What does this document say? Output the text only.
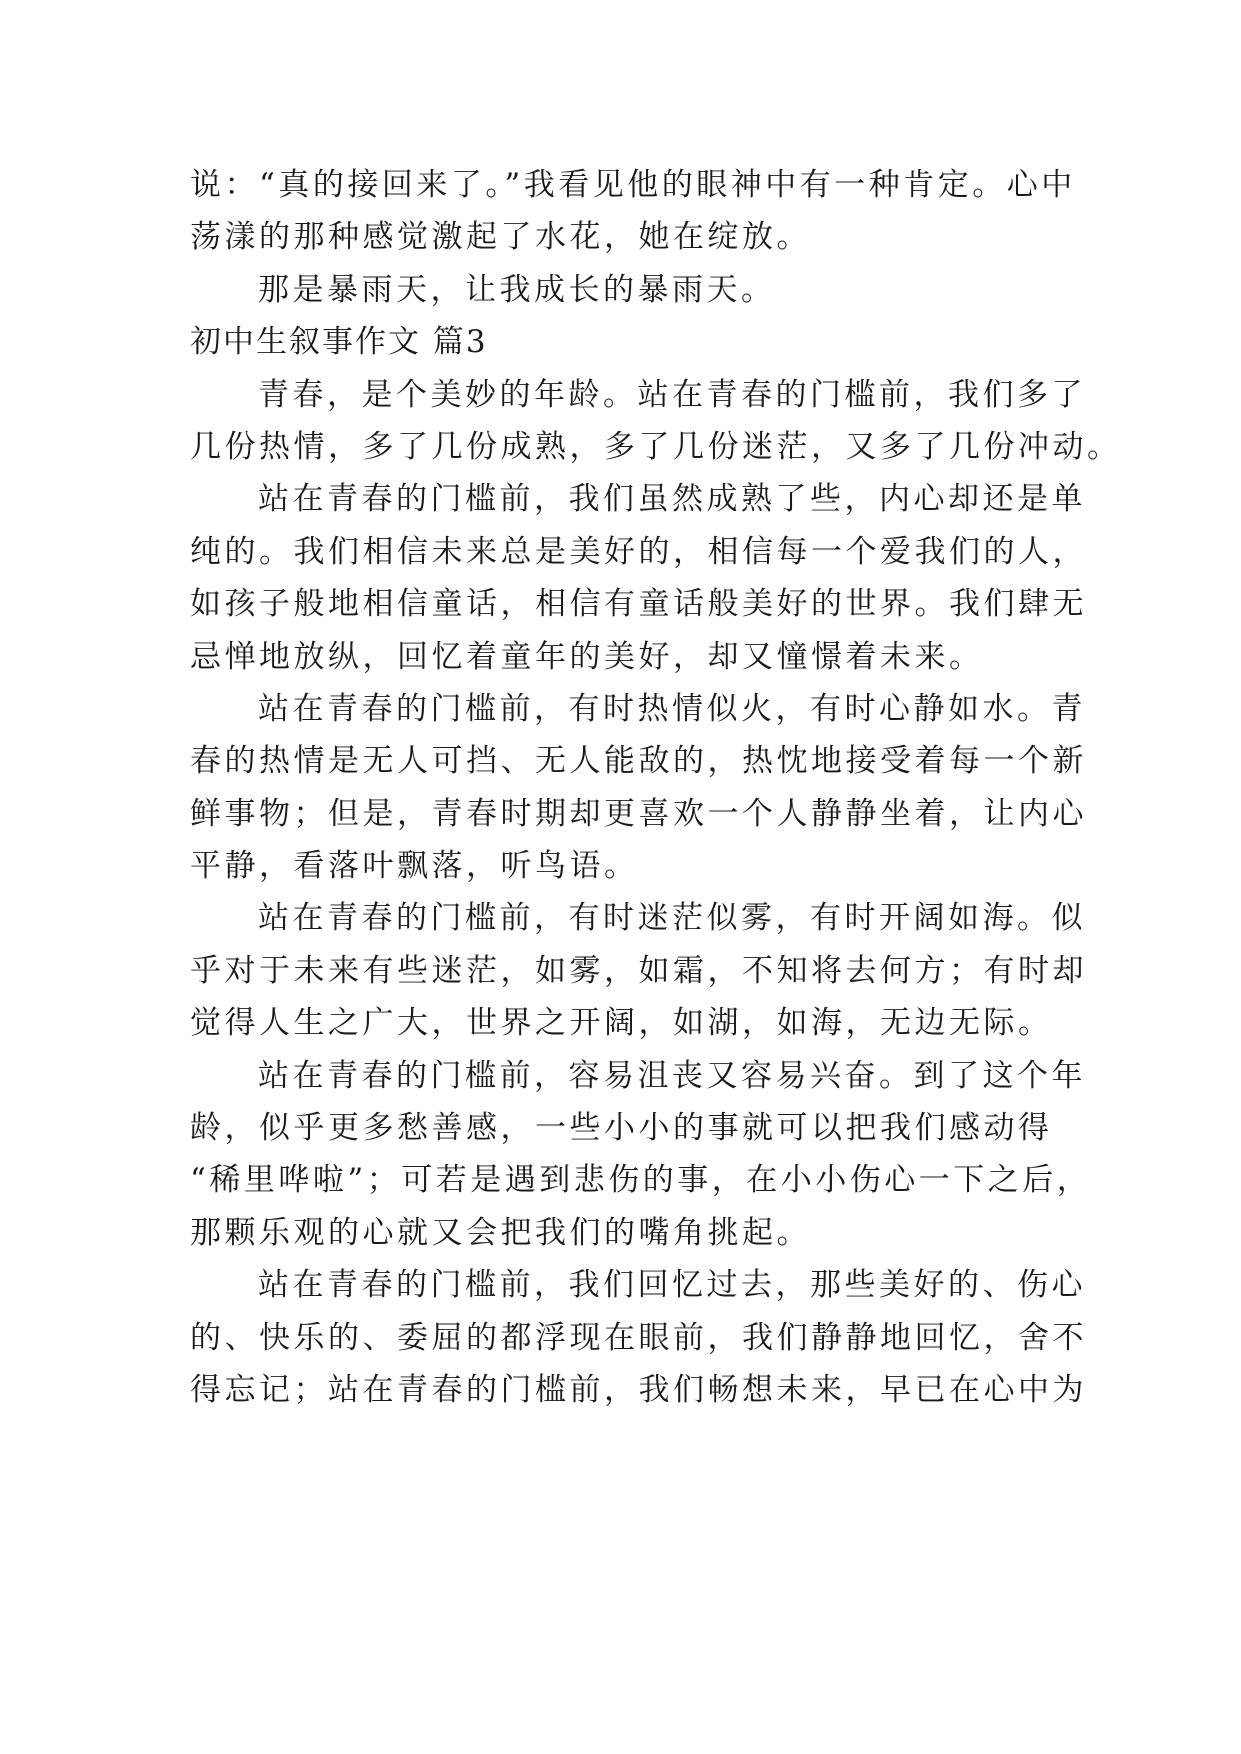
说：“真的接回来了。”我看见他的眼神中有一种肯定。心中
荡漾的那种感觉激起了水花，她在绽放。
那是暴雨天，让我成长的暴雨天。
初中生叙事作文 篇3
青春，是个美妙的年龄。站在青春的门槛前，我们多了
几份热情，多了几份成熟，多了几份迷茫，又多了几份冲动。
站在青春的门槛前，我们虽然成熟了些，内心却还是单
纯的。我们相信未来总是美好的，相信每一个爱我们的人，
如孩子般地相信童话，相信有童话般美好的世界。我们肆无
忌惮地放纵，回忆着童年的美好，却又憧憬着未来。
站在青春的门槛前，有时热情似火，有时心静如水。青
春的热情是无人可挡、无人能敌的，热忱地接受着每一个新
鲜事物；但是，青春时期却更喜欢一个人静静坐着，让内心
平静，看落叶飘落，听鸟语。
站在青春的门槛前，有时迷茫似雾，有时开阔如海。似
乎对于未来有些迷茫，如雾，如霜，不知将去何方；有时却
觉得人生之广大，世界之开阔，如湖，如海，无边无际。
站在青春的门槛前，容易沮丧又容易兴奋。到了这个年
龄，似乎更多愁善感，一些小小的事就可以把我们感动得
“稀里哗啦”；可若是遇到悲伤的事，在小小伤心一下之后，
那颗乐观的心就又会把我们的嘴角挑起。
站在青春的门槛前，我们回忆过去，那些美好的、伤心
的、快乐的、委屈的都浮现在眼前，我们静静地回忆，舍不
得忘记；站在青春的门槛前，我们畅想未来，早已在心中为
